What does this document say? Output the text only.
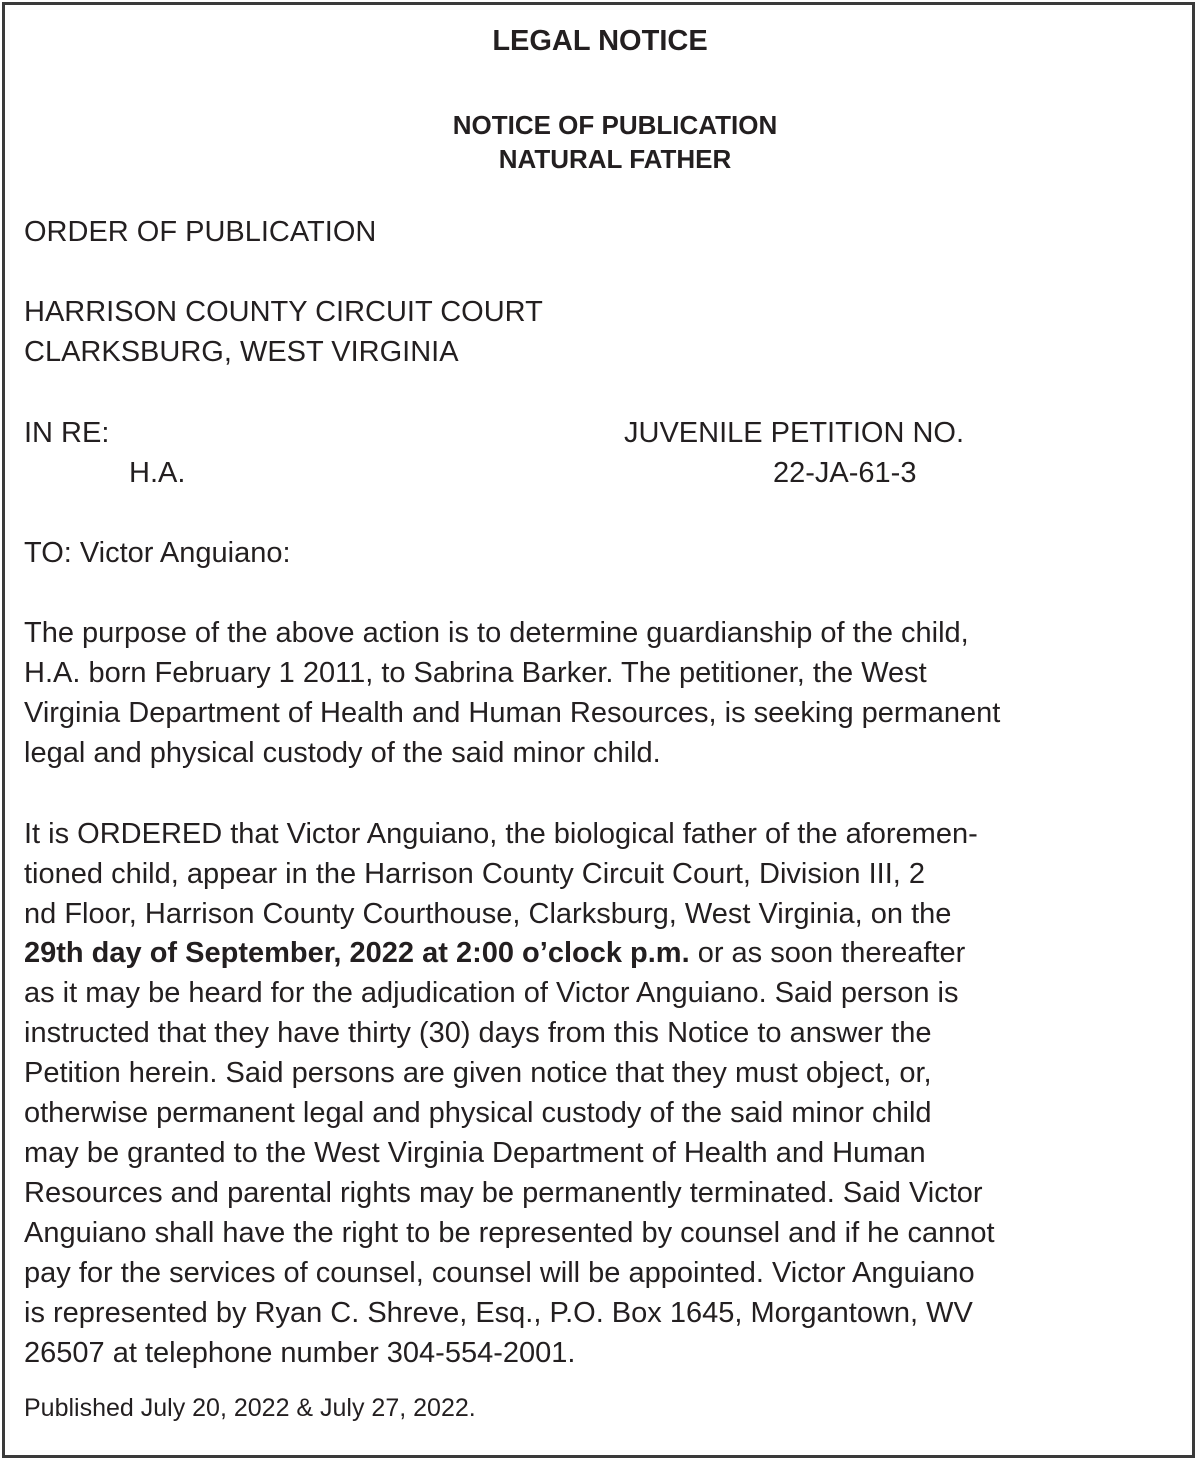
LEGAL NOTICE
NOTICE OF PUBLICATION
NATURAL FATHER
ORDER OF PUBLICATION
HARRISON COUNTY CIRCUIT COURT
CLARKSBURG, WEST VIRGINIA
IN RE:
H.A.
JUVENILE PETITION NO.
22-JA-61-3
TO: Victor Anguiano:
The purpose of the above action is to determine guardianship of the child,
H.A. born February 1 2011, to Sabrina Barker. The petitioner, the West
Virginia Department of Health and Human Resources, is seeking permanent
legal and physical custody of the said minor child.
It is ORDERED that Victor Anguiano, the biological father of the aforemen-
tioned child, appear in the Harrison County Circuit Court, Division III, 2
nd Floor, Harrison County Courthouse, Clarksburg, West Virginia, on the
29th day of September, 2022 at 2:00 o’clock p.m. or as soon thereafter
as it may be heard for the adjudication of Victor Anguiano. Said person is
instructed that they have thirty (30) days from this Notice to answer the
Petition herein. Said persons are given notice that they must object, or,
otherwise permanent legal and physical custody of the said minor child
may be granted to the West Virginia Department of Health and Human
Resources and parental rights may be permanently terminated. Said Victor
Anguiano shall have the right to be represented by counsel and if he cannot
pay for the services of counsel, counsel will be appointed. Victor Anguiano
is represented by Ryan C. Shreve, Esq., P.O. Box 1645, Morgantown, WV
26507 at telephone number 304-554-2001.
Published July 20, 2022 & July 27, 2022.
